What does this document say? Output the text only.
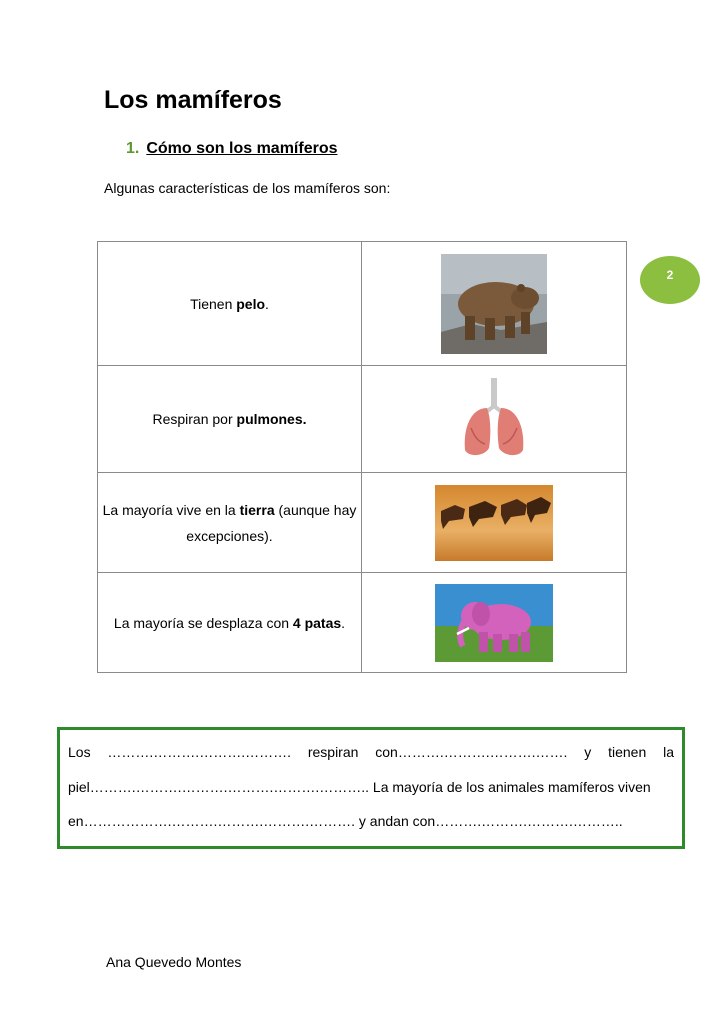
Los mamíferos
1. Cómo son los mamíferos
Algunas características de los mamíferos son:
Tienen pelo.	

Respiran por pulmones.	

La mayoría vive en la tierra (aunque hay excepciones).	

La mayoría se desplaza con 4 patas.	
2
Los ……….……….……….………. respiran con……….……….……….……. y tienen la
piel……….……….……….……….……….……….. La mayoría de los animales mamíferos viven
en……………….……….……….……….………. y andan con……….……….……….………..
Ana Quevedo Montes
